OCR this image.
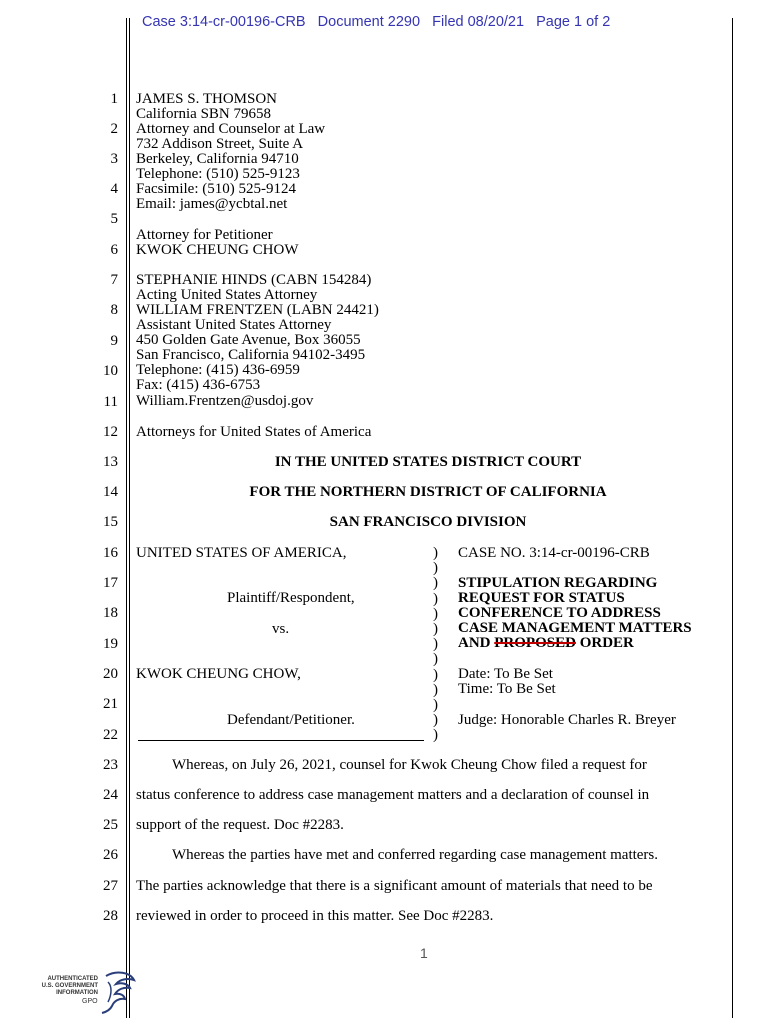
Case 3:14-cr-00196-CRB   Document 2290   Filed 08/20/21   Page 1 of 2
1
2
3
4
5
6
7
8
9
10
11
12
13
14
15
16
17
18
19
20
21
22
23
24
25
26
27
28
JAMES S. THOMSON
California SBN 79658
Attorney and Counselor at Law
732 Addison Street, Suite A
Berkeley, California 94710
Telephone: (510) 525-9123
Facsimile: (510) 525-9124
Email: james@ycbtal.net
Attorney for Petitioner
KWOK CHEUNG CHOW
STEPHANIE HINDS (CABN 154284)
Acting United States Attorney
WILLIAM FRENTZEN (LABN 24421)
Assistant United States Attorney
450 Golden Gate Avenue, Box 36055
San Francisco, California 94102-3495
Telephone: (415) 436-6959
Fax: (415) 436-6753
William.Frentzen@usdoj.gov
Attorneys for United States of America
IN THE UNITED STATES DISTRICT COURT
FOR THE NORTHERN DISTRICT OF CALIFORNIA
SAN FRANCISCO DIVISION
UNITED STATES OF AMERICA,
Plaintiff/Respondent,
vs.
KWOK CHEUNG CHOW,
Defendant/Petitioner.
)
)
)
)
)
)
)
)
)
)
)
)
)
CASE NO. 3:14-cr-00196-CRB
STIPULATION REGARDING
REQUEST FOR STATUS
CONFERENCE TO ADDRESS
CASE MANAGEMENT MATTERS
AND PROPOSED ORDER
Date: To Be Set
Time: To Be Set
Judge: Honorable Charles R. Breyer
Whereas, on July 26, 2021, counsel for Kwok Cheung Chow filed a request for
status conference to address case management matters and a declaration of counsel in
support of the request. Doc #2283.
Whereas the parties have met and conferred regarding case management matters.
The parties acknowledge that there is a significant amount of materials that need to be
reviewed in order to proceed in this matter. See Doc #2283.
1
AUTHENTICATED
U.S. GOVERNMENT
INFORMATION
GPO
